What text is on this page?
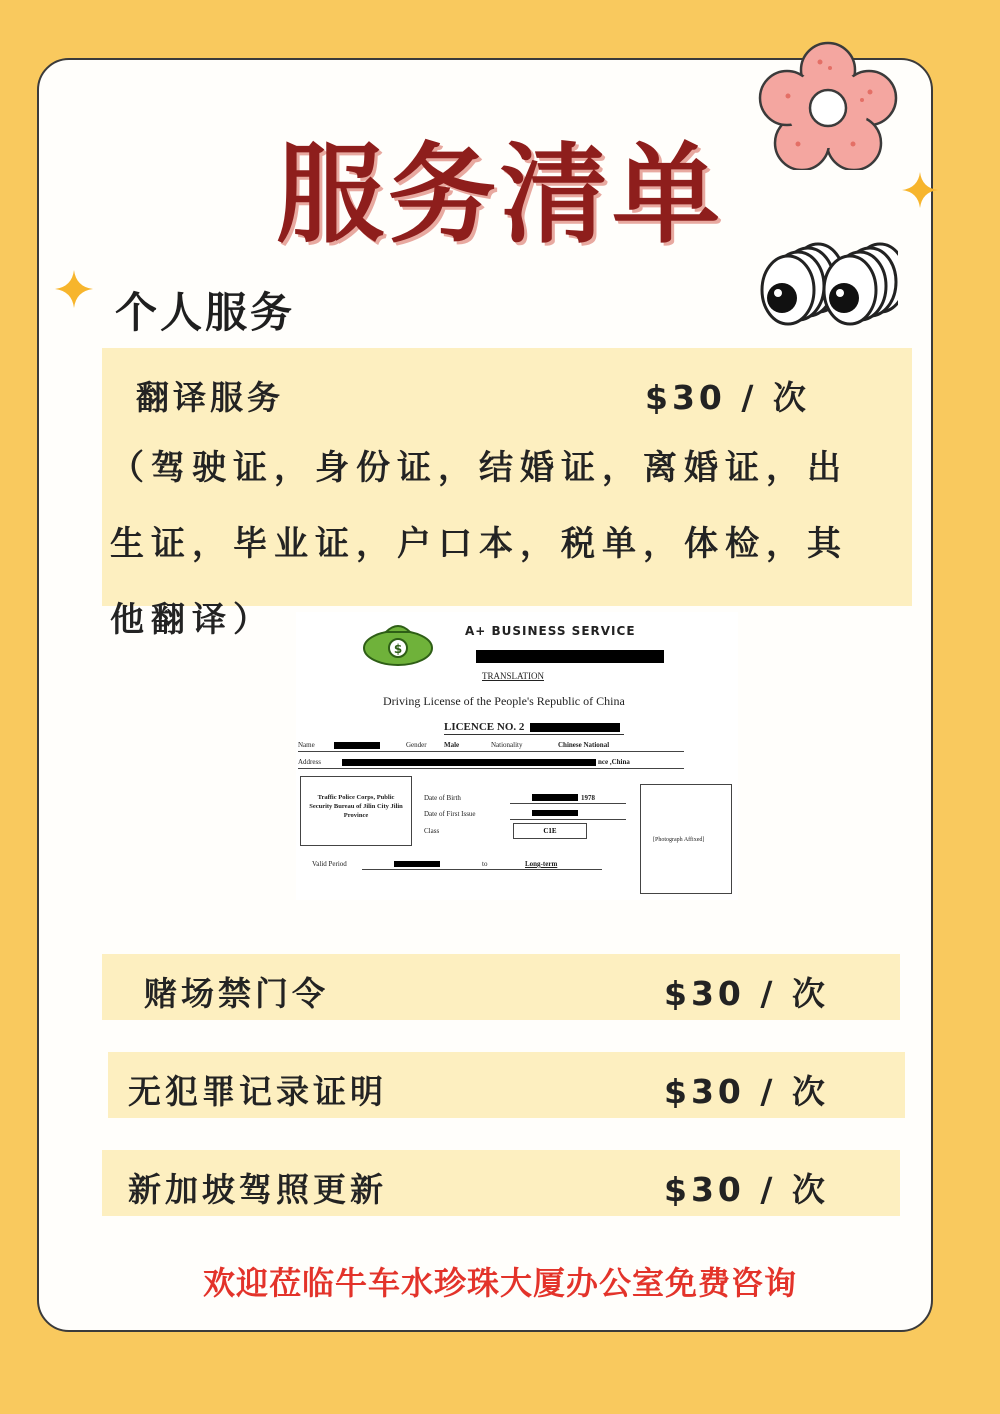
服务清单
个人服务
翻译服务	$30 / 次
（驾驶证，身份证，结婚证，离婚证，出生证，毕业证，户口本，税单，体检，其他翻译）
$
A+ BUSINESS SERVICE
TRANSLATION
Driving License of the People's Republic of China
LICENCE NO. 2
Name	Gender Male	Nationality	Chinese National
Address	nce ,China
Traffic Police Corps, Public Security Bureau of Jilin City Jilin Province
Date of Birth	1978
Date of First Issue
Class	C1E
[Photograph Affixed]
Valid Period	to	Long-term
赌场禁门令	$30 / 次
无犯罪记录证明	$30 / 次
新加坡驾照更新	$30 / 次
欢迎莅临牛车水珍珠大厦办公室免费咨询
